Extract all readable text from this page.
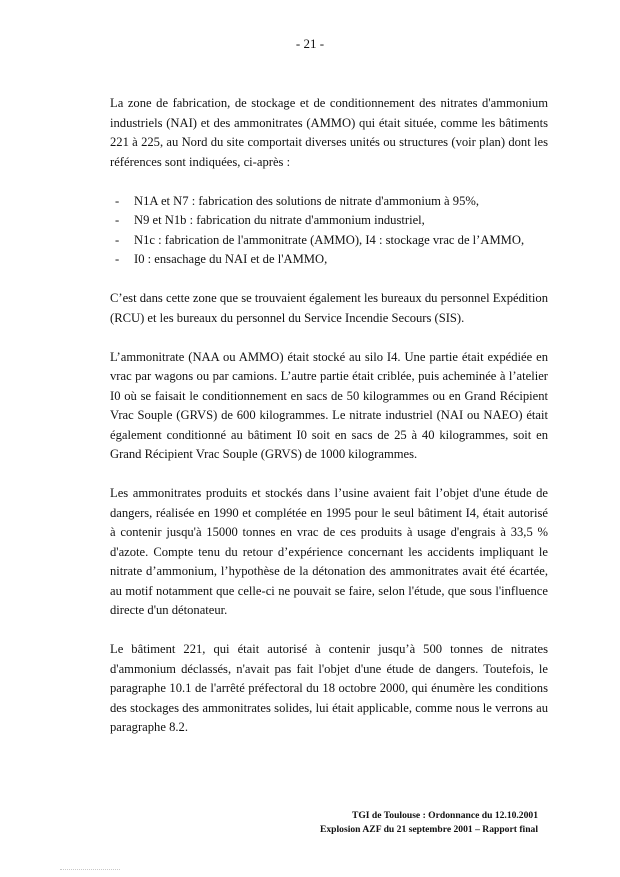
- 21 -

La zone de fabrication, de stockage et de conditionnement des nitrates d'ammonium industriels (NAI) et des ammonitrates (AMMO) qui était située, comme les bâtiments 221 à 225, au Nord du site comportait diverses unités ou structures (voir plan) dont les références sont indiquées, ci-après :

- N1A et N7 : fabrication des solutions de nitrate d'ammonium à 95%,
- N9 et N1b : fabrication du nitrate d'ammonium industriel,
- N1c : fabrication de l'ammonitrate (AMMO), I4 : stockage vrac de l’AMMO,
- I0 : ensachage du NAI et de l'AMMO,

C’est dans cette zone que se trouvaient également les bureaux du personnel Expédition (RCU) et les bureaux du personnel du Service Incendie Secours (SIS).

L’ammonitrate (NAA ou AMMO) était stocké au silo I4. Une partie était expédiée en vrac par wagons ou par camions. L’autre partie était criblée, puis acheminée à l’atelier I0 où se faisait le conditionnement en sacs de 50 kilogrammes ou en Grand Récipient Vrac Souple (GRVS) de 600 kilogrammes. Le nitrate industriel (NAI ou NAEO) était également conditionné au bâtiment I0 soit en sacs de 25 à 40 kilogrammes, soit en Grand Récipient Vrac Souple (GRVS) de 1000 kilogrammes.

Les ammonitrates produits et stockés dans l’usine avaient fait l’objet d'une étude de dangers, réalisée en 1990 et complétée en 1995 pour le seul bâtiment I4, était autorisé à contenir jusqu'à 15000 tonnes en vrac de ces produits à usage d'engrais à 33,5 % d'azote. Compte tenu du retour d’expérience concernant les accidents impliquant le nitrate d’ammonium, l’hypothèse de la détonation des ammonitrates avait été écartée, au motif notamment que celle-ci ne pouvait se faire, selon l'étude, que sous l'influence directe d'un détonateur.

Le bâtiment 221, qui était autorisé à contenir jusqu’à 500 tonnes de nitrates d'ammonium déclassés, n'avait pas fait l'objet d'une étude de dangers. Toutefois, le paragraphe 10.1 de l'arrêté préfectoral du 18 octobre 2000, qui énumère les conditions des stockages des ammonitrates solides, lui était applicable, comme nous le verrons au paragraphe 8.2.

TGI de Toulouse : Ordonnance du 12.10.2001
Explosion AZF du 21 septembre 2001 – Rapport final
